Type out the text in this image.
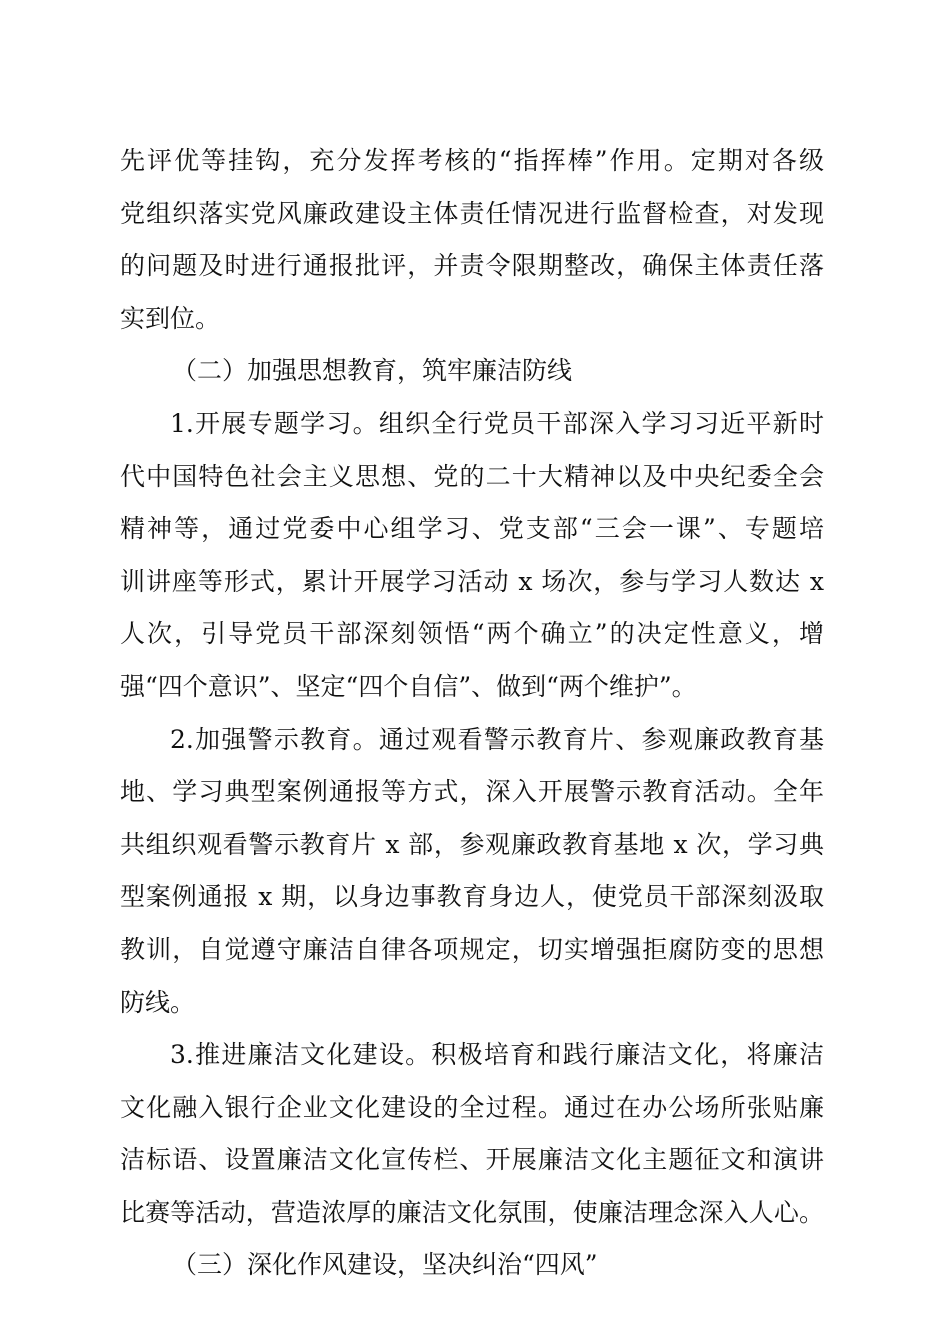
先评优等挂钩，充分发挥考核的“指挥棒”作用。定期对各级
党组织落实党风廉政建设主体责任情况进行监督检查，对发现
的问题及时进行通报批评，并责令限期整改，确保主体责任落
实到位。
（二）加强思想教育，筑牢廉洁防线
1.开展专题学习。组织全行党员干部深入学习习近平新时
代中国特色社会主义思想、党的二十大精神以及中央纪委全会
精神等，通过党委中心组学习、党支部“三会一课”、专题培
训讲座等形式，累计开展学习活动 x 场次，参与学习人数达 x
人次，引导党员干部深刻领悟“两个确立”的决定性意义，增
强“四个意识”、坚定“四个自信”、做到“两个维护”。
2.加强警示教育。通过观看警示教育片、参观廉政教育基
地、学习典型案例通报等方式，深入开展警示教育活动。全年
共组织观看警示教育片 x 部，参观廉政教育基地 x 次，学习典
型案例通报 x 期，以身边事教育身边人，使党员干部深刻汲取
教训，自觉遵守廉洁自律各项规定，切实增强拒腐防变的思想
防线。
3.推进廉洁文化建设。积极培育和践行廉洁文化，将廉洁
文化融入银行企业文化建设的全过程。通过在办公场所张贴廉
洁标语、设置廉洁文化宣传栏、开展廉洁文化主题征文和演讲
比赛等活动，营造浓厚的廉洁文化氛围，使廉洁理念深入人心。
（三）深化作风建设，坚决纠治“四风”
